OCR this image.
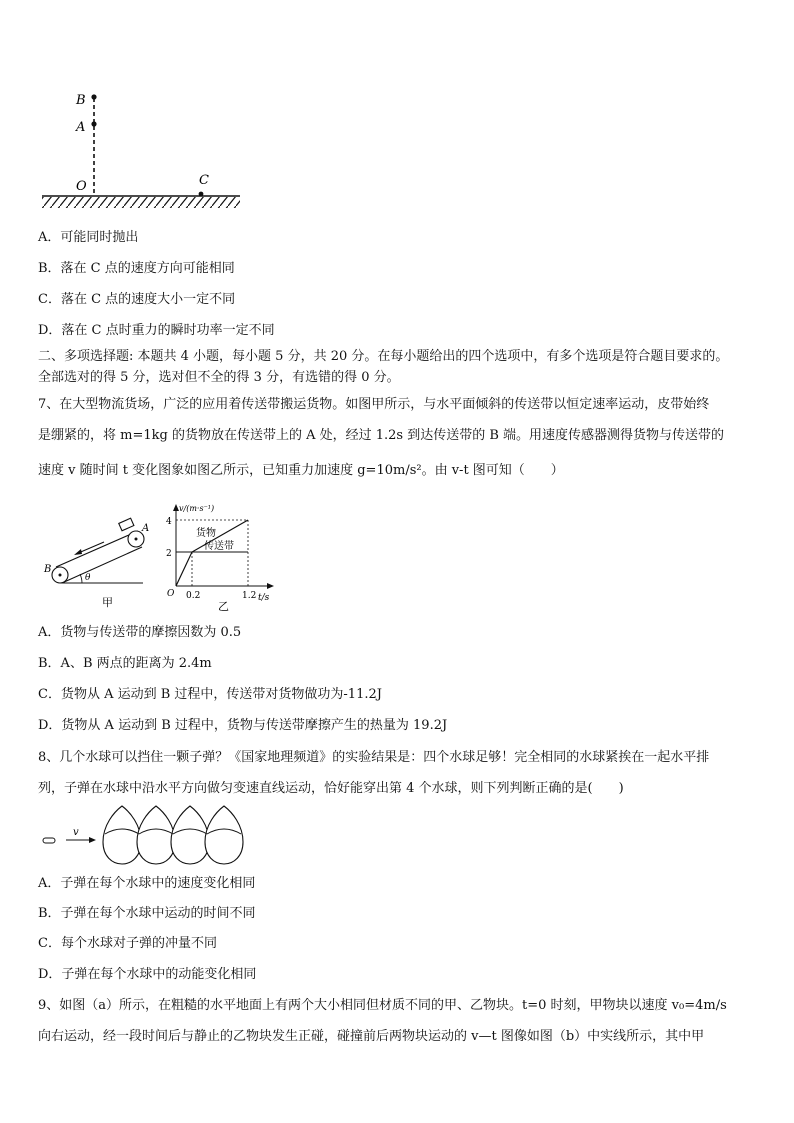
B
A
O	C
A．可能同时抛出
B．落在 C 点的速度方向可能相同
C．落在 C 点的速度大小一定不同
D．落在 C 点时重力的瞬时功率一定不同
二、多项选择题: 本题共 4 小题，每小题 5 分，共 20 分。在每小题给出的四个选项中，有多个选项是符合题目要求的。
全部选对的得 5 分，选对但不全的得 3 分，有选错的得 0 分。
7、在大型物流货场，广泛的应用着传送带搬运货物。如图甲所示，与水平面倾斜的传送带以恒定速率运动，皮带始终
是绷紧的，将 m=1kg 的货物放在传送带上的 A 处，经过 1.2s 到达传送带的 B 端。用速度传感器测得货物与传送带的
速度 v 随时间 t 变化图象如图乙所示，已知重力加速度 g=10m/s²。由 v-t 图可知（　　）
A
B
θ
甲
v/(m·s⁻¹)
t/s
4
2
O 0.2	1.2
货物
传送带
乙
A．货物与传送带的摩擦因数为 0.5
B．A、B 两点的距离为 2.4m
C．货物从 A 运动到 B 过程中，传送带对货物做功为-11.2J
D．货物从 A 运动到 B 过程中，货物与传送带摩擦产生的热量为 19.2J
8、几个水球可以挡住一颗子弹？《国家地理频道》的实验结果是：四个水球足够！完全相同的水球紧挨在一起水平排
列，子弹在水球中沿水平方向做匀变速直线运动，恰好能穿出第 4 个水球，则下列判断正确的是(　　)
v
A．子弹在每个水球中的速度变化相同
B．子弹在每个水球中运动的时间不同
C．每个水球对子弹的冲量不同
D．子弹在每个水球中的动能变化相同
9、如图（a）所示，在粗糙的水平地面上有两个大小相同但材质不同的甲、乙物块。t=0 时刻，甲物块以速度 v₀=4m/s
向右运动，经一段时间后与静止的乙物块发生正碰，碰撞前后两物块运动的 v—t 图像如图（b）中实线所示，其中甲
